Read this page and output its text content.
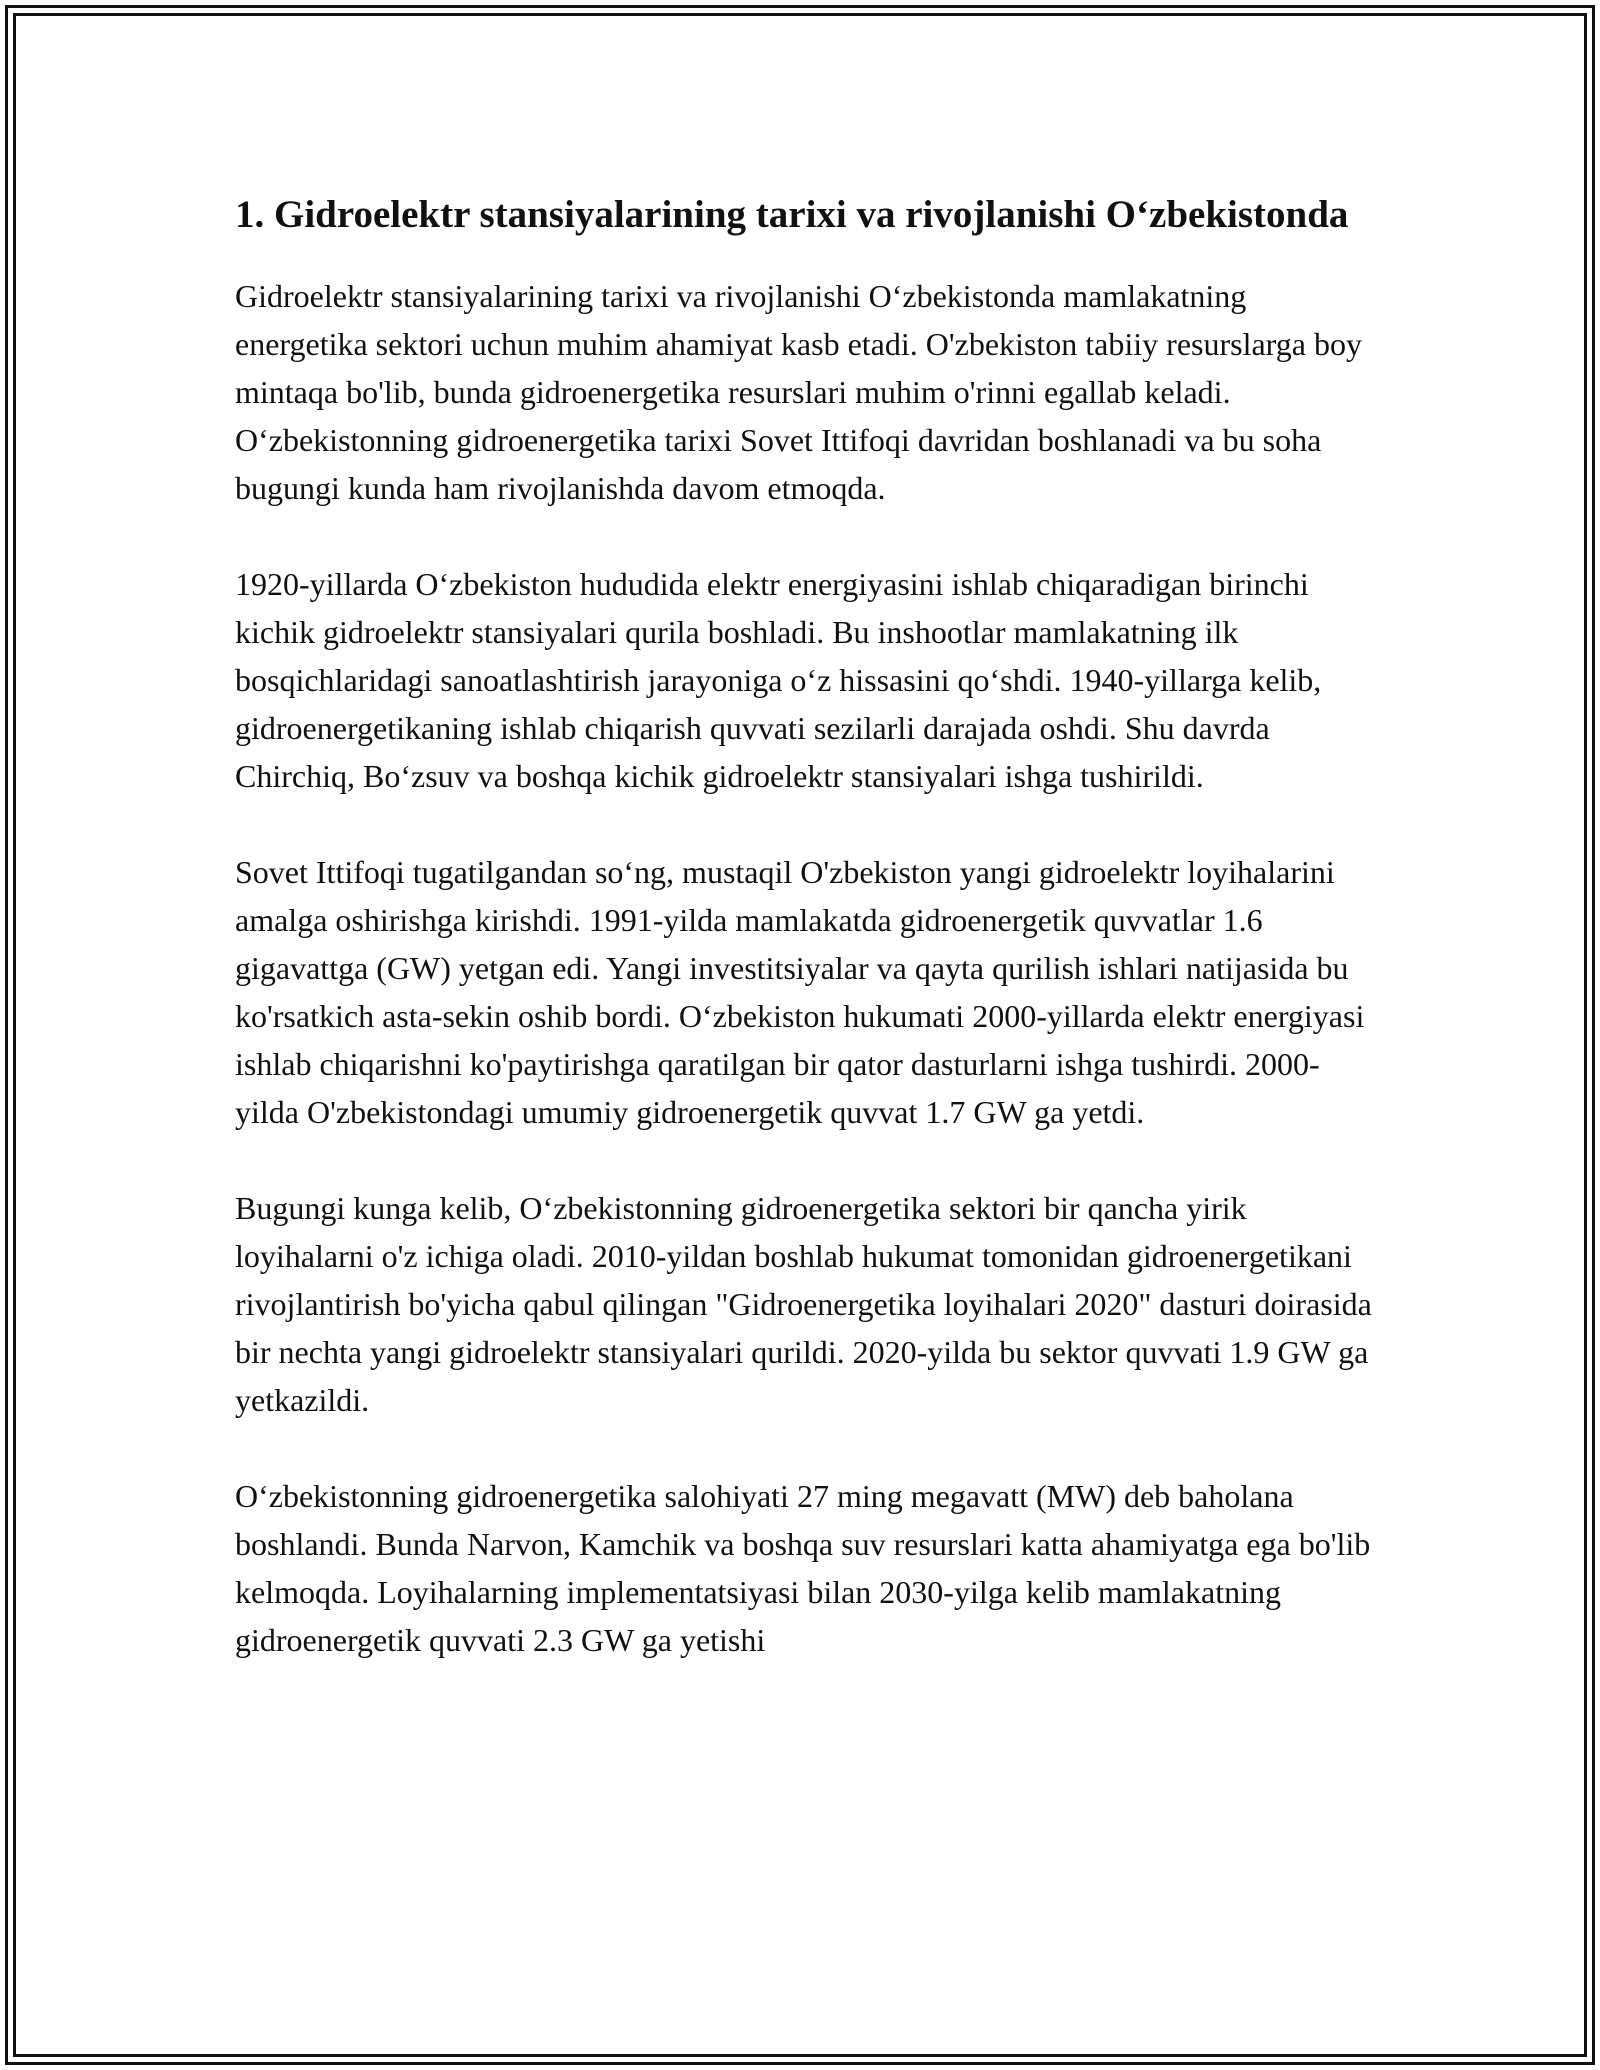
1. Gidroelektr stansiyalarining tarixi va rivojlanishi O‘zbekistonda

Gidroelektr stansiyalarining tarixi va rivojlanishi O‘zbekistonda mamlakatning energetika sektori uchun muhim ahamiyat kasb etadi. O'zbekiston tabiiy resurslarga boy mintaqa bo'lib, bunda gidroenergetika resurslari muhim o'rinni egallab keladi. O‘zbekistonning gidroenergetika tarixi Sovet Ittifoqi davridan boshlanadi va bu soha bugungi kunda ham rivojlanishda davom etmoqda.

1920-yillarda O‘zbekiston hududida elektr energiyasini ishlab chiqaradigan birinchi kichik gidroelektr stansiyalari qurila boshladi. Bu inshootlar mamlakatning ilk bosqichlaridagi sanoatlashtirish jarayoniga o‘z hissasini qo‘shdi. 1940-yillarga kelib, gidroenergetikaning ishlab chiqarish quvvati sezilarli darajada oshdi. Shu davrda Chirchiq, Bo‘zsuv va boshqa kichik gidroelektr stansiyalari ishga tushirildi.

Sovet Ittifoqi tugatilgandan so‘ng, mustaqil O'zbekiston yangi gidroelektr loyihalarini amalga oshirishga kirishdi. 1991-yilda mamlakatda gidroenergetik quvvatlar 1.6 gigavattga (GW) yetgan edi. Yangi investitsiyalar va qayta qurilish ishlari natijasida bu ko'rsatkich asta-sekin oshib bordi. O‘zbekiston hukumati 2000-yillarda elektr energiyasi ishlab chiqarishni ko'paytirishga qaratilgan bir qator dasturlarni ishga tushirdi. 2000-yilda O'zbekistondagi umumiy gidroenergetik quvvat 1.7 GW ga yetdi.

Bugungi kunga kelib, O‘zbekistonning gidroenergetika sektori bir qancha yirik loyihalarni o'z ichiga oladi. 2010-yildan boshlab hukumat tomonidan gidroenergetikani rivojlantirish bo'yicha qabul qilingan "Gidroenergetika loyihalari 2020" dasturi doirasida bir nechta yangi gidroelektr stansiyalari qurildi. 2020-yilda bu sektor quvvati 1.9 GW ga yetkazildi.

O‘zbekistonning gidroenergetika salohiyati 27 ming megavatt (MW) deb baholana boshlandi. Bunda Narvon, Kamchik va boshqa suv resurslari katta ahamiyatga ega bo'lib kelmoqda. Loyihalarning implementatsiyasi bilan 2030-yilga kelib mamlakatning gidroenergetik quvvati 2.3 GW ga yetishi
